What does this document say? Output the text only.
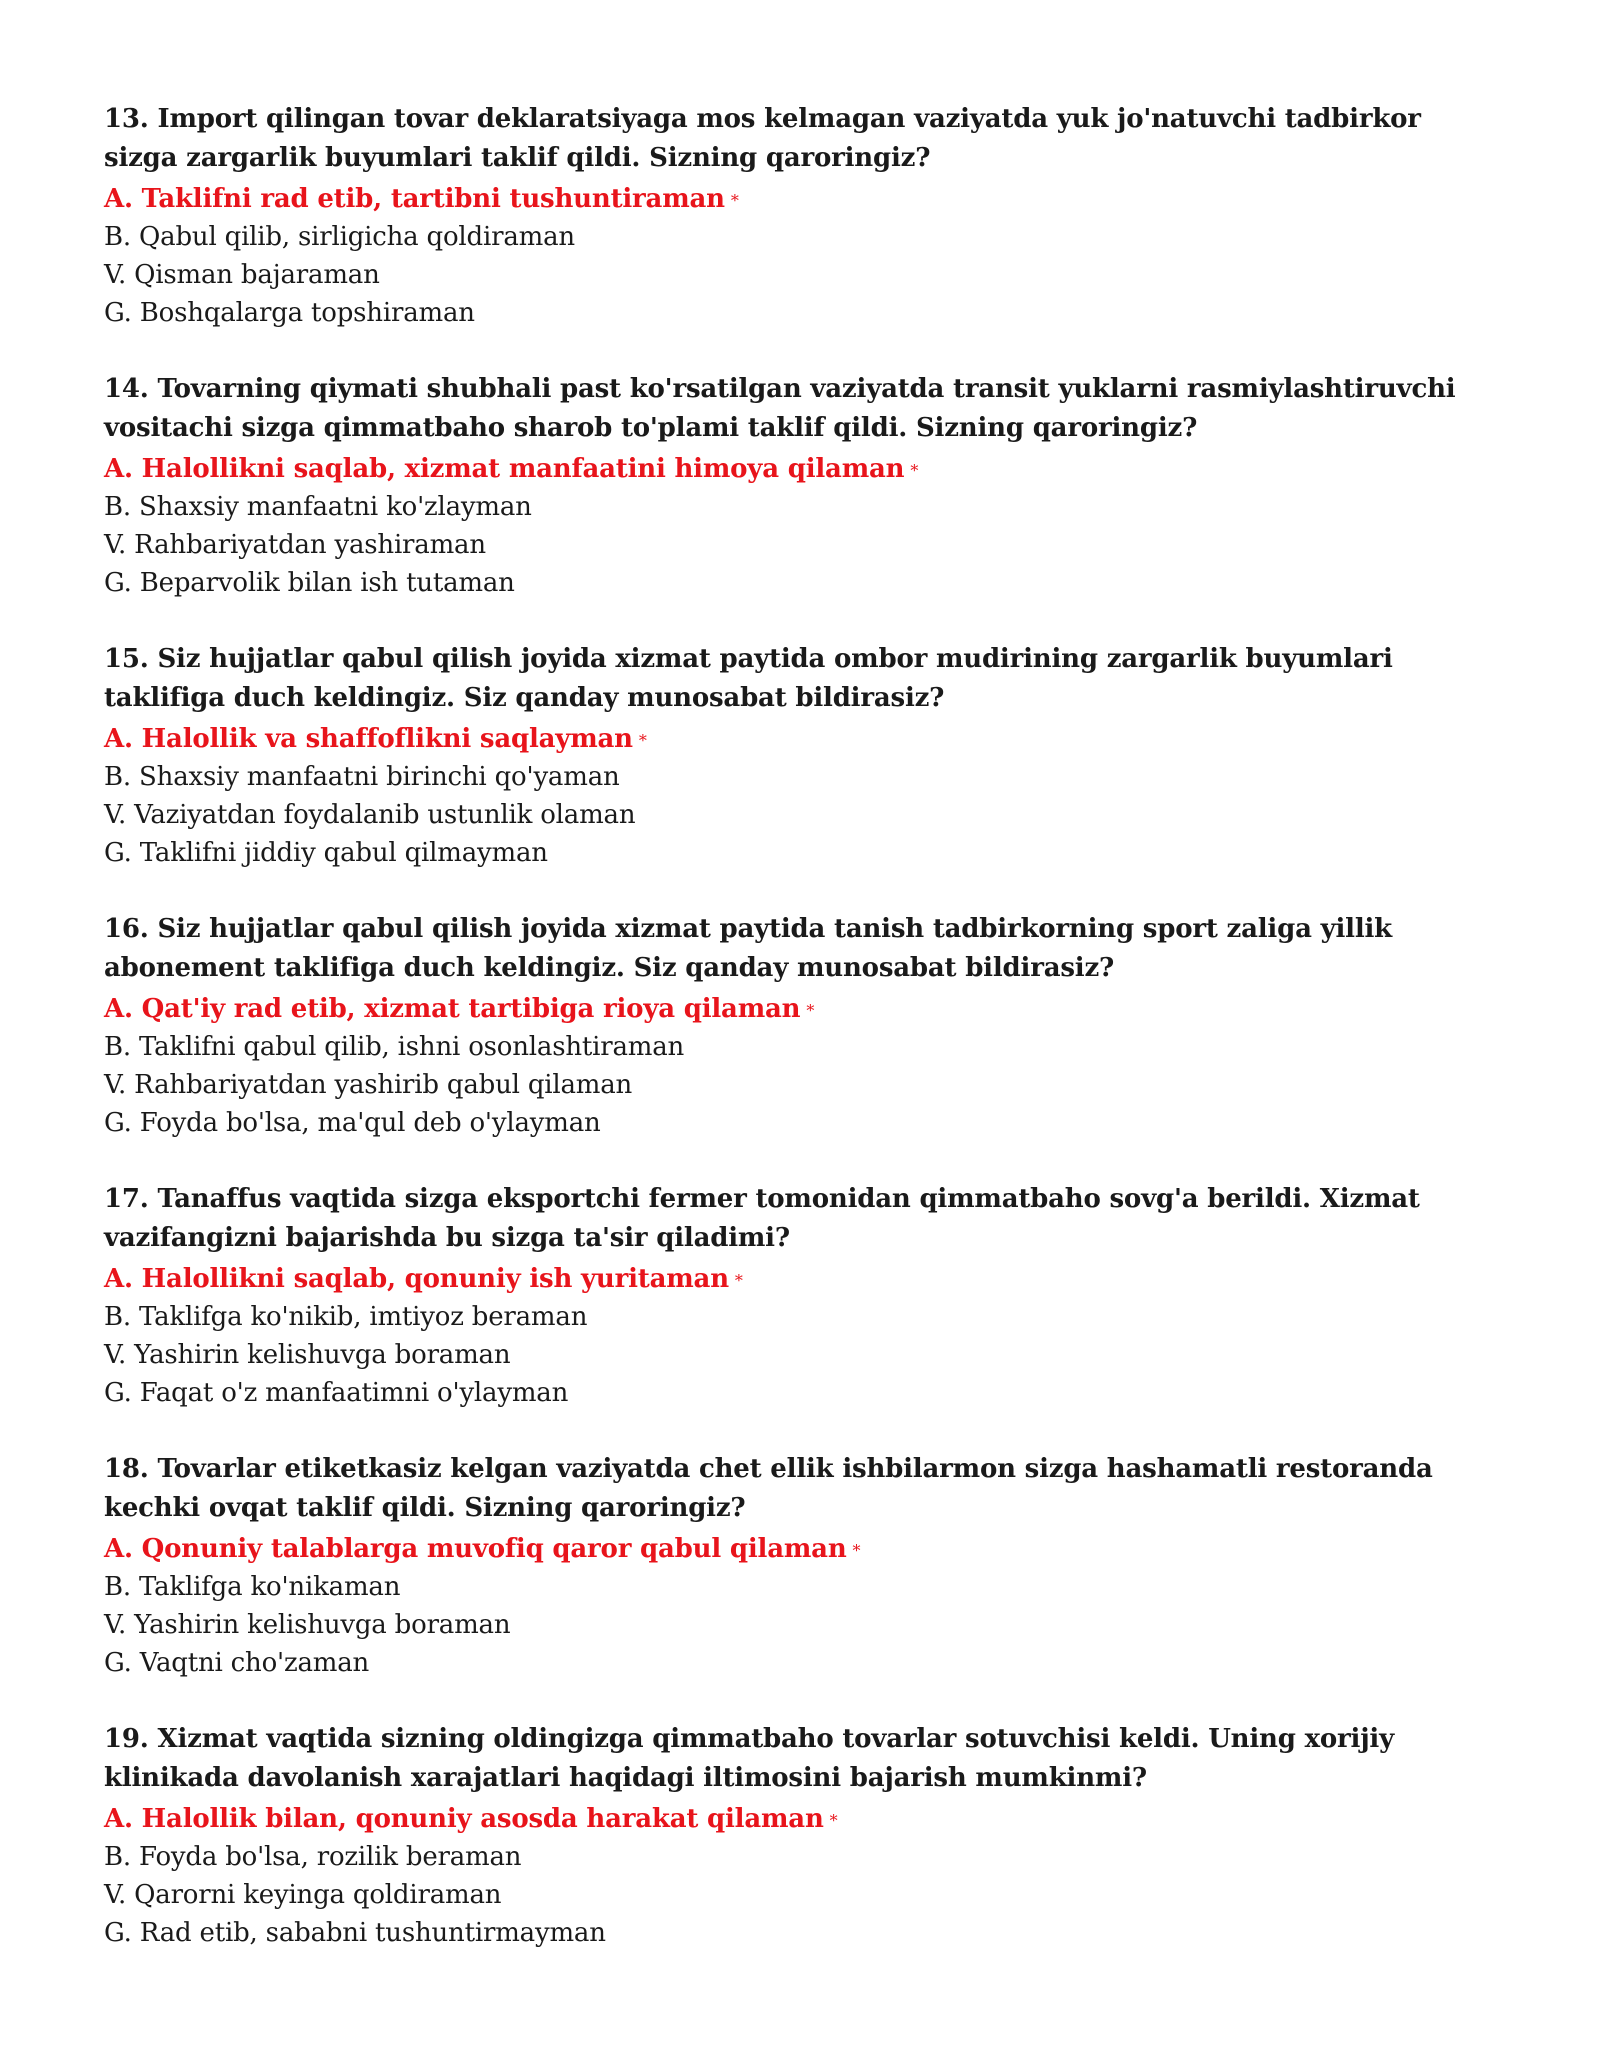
13. Import qilingan tovar deklaratsiyaga mos kelmagan vaziyatda yuk jo'natuvchi tadbirkor sizga zargarlik buyumlari taklif qildi. Sizning qaroringiz?

A. Taklifni rad etib, tartibni tushuntiraman *
B. Qabul qilib, sirligicha qoldiraman
V. Qisman bajaraman
G. Boshqalarga topshiraman

14. Tovarning qiymati shubhali past ko'rsatilgan vaziyatda transit yuklarni rasmiylashtiruvchi vositachi sizga qimmatbaho sharob to'plami taklif qildi. Sizning qaroringiz?

A. Halollikni saqlab, xizmat manfaatini himoya qilaman *
B. Shaxsiy manfaatni ko'zlayman
V. Rahbariyatdan yashiraman
G. Beparvolik bilan ish tutaman

15. Siz hujjatlar qabul qilish joyida xizmat paytida ombor mudirining zargarlik buyumlari taklifiga duch keldingiz. Siz qanday munosabat bildirasiz?

A. Halollik va shaffoflikni saqlayman *
B. Shaxsiy manfaatni birinchi qo'yaman
V. Vaziyatdan foydalanib ustunlik olaman
G. Taklifni jiddiy qabul qilmayman

16. Siz hujjatlar qabul qilish joyida xizmat paytida tanish tadbirkorning sport zaliga yillik abonement taklifiga duch keldingiz. Siz qanday munosabat bildirasiz?

A. Qat'iy rad etib, xizmat tartibiga rioya qilaman *
B. Taklifni qabul qilib, ishni osonlashtiraman
V. Rahbariyatdan yashirib qabul qilaman
G. Foyda bo'lsa, ma'qul deb o'ylayman

17. Tanaffus vaqtida sizga eksportchi fermer tomonidan qimmatbaho sovg'a berildi. Xizmat vazifangizni bajarishda bu sizga ta'sir qiladimi?

A. Halollikni saqlab, qonuniy ish yuritaman *
B. Taklifga ko'nikib, imtiyoz beraman
V. Yashirin kelishuvga boraman
G. Faqat o'z manfaatimni o'ylayman

18. Tovarlar etiketkasiz kelgan vaziyatda chet ellik ishbilarmon sizga hashamatli restoranda kechki ovqat taklif qildi. Sizning qaroringiz?

A. Qonuniy talablarga muvofiq qaror qabul qilaman *
B. Taklifga ko'nikaman
V. Yashirin kelishuvga boraman
G. Vaqtni cho'zaman

19. Xizmat vaqtida sizning oldingizga qimmatbaho tovarlar sotuvchisi keldi. Uning xorijiy klinikada davolanish xarajatlari haqidagi iltimosini bajarish mumkinmi?

A. Halollik bilan, qonuniy asosda harakat qilaman *
B. Foyda bo'lsa, rozilik beraman
V. Qarorni keyinga qoldiraman
G. Rad etib, sababni tushuntirmayman
